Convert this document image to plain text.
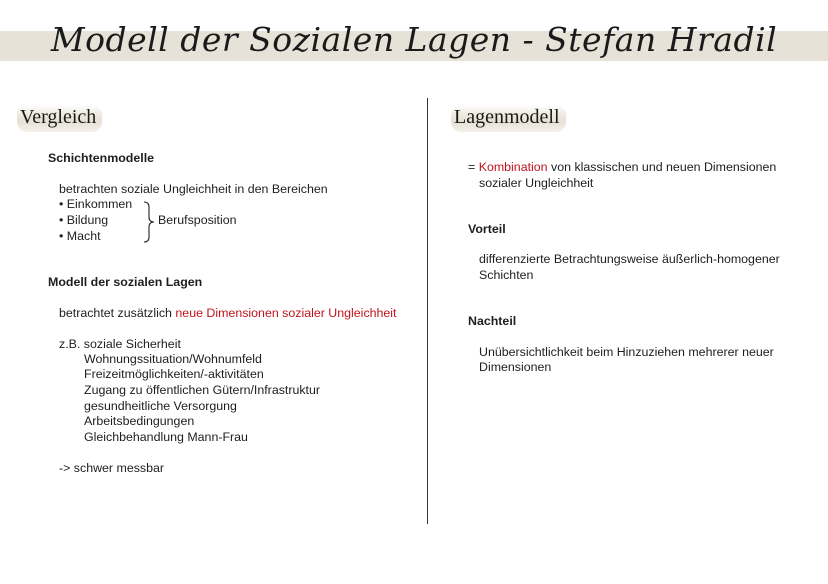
Modell der Sozialen Lagen - Stefan Hradil
Vergleich	Lagenmodell
Schichtenmodelle
betrachten soziale Ungleichheit in den Bereichen
• Einkommen
• Bildung
• Macht
Berufsposition
Modell der sozialen Lagen
betrachtet zusätzlich neue Dimensionen sozialer Ungleichheit
z.B. soziale Sicherheit
Wohnungssituation/Wohnumfeld
Freizeitmöglichkeiten/-aktivitäten
Zugang zu öffentlichen Gütern/Infrastruktur
gesundheitliche Versorgung
Arbeitsbedingungen
Gleichbehandlung Mann-Frau
-> schwer messbar
= Kombination von klassischen und neuen Dimensionen
sozialer Ungleichheit
Vorteil
differenzierte Betrachtungsweise äußerlich-homogener
Schichten
Nachteil
Unübersichtlichkeit beim Hinzuziehen mehrerer neuer
Dimensionen
